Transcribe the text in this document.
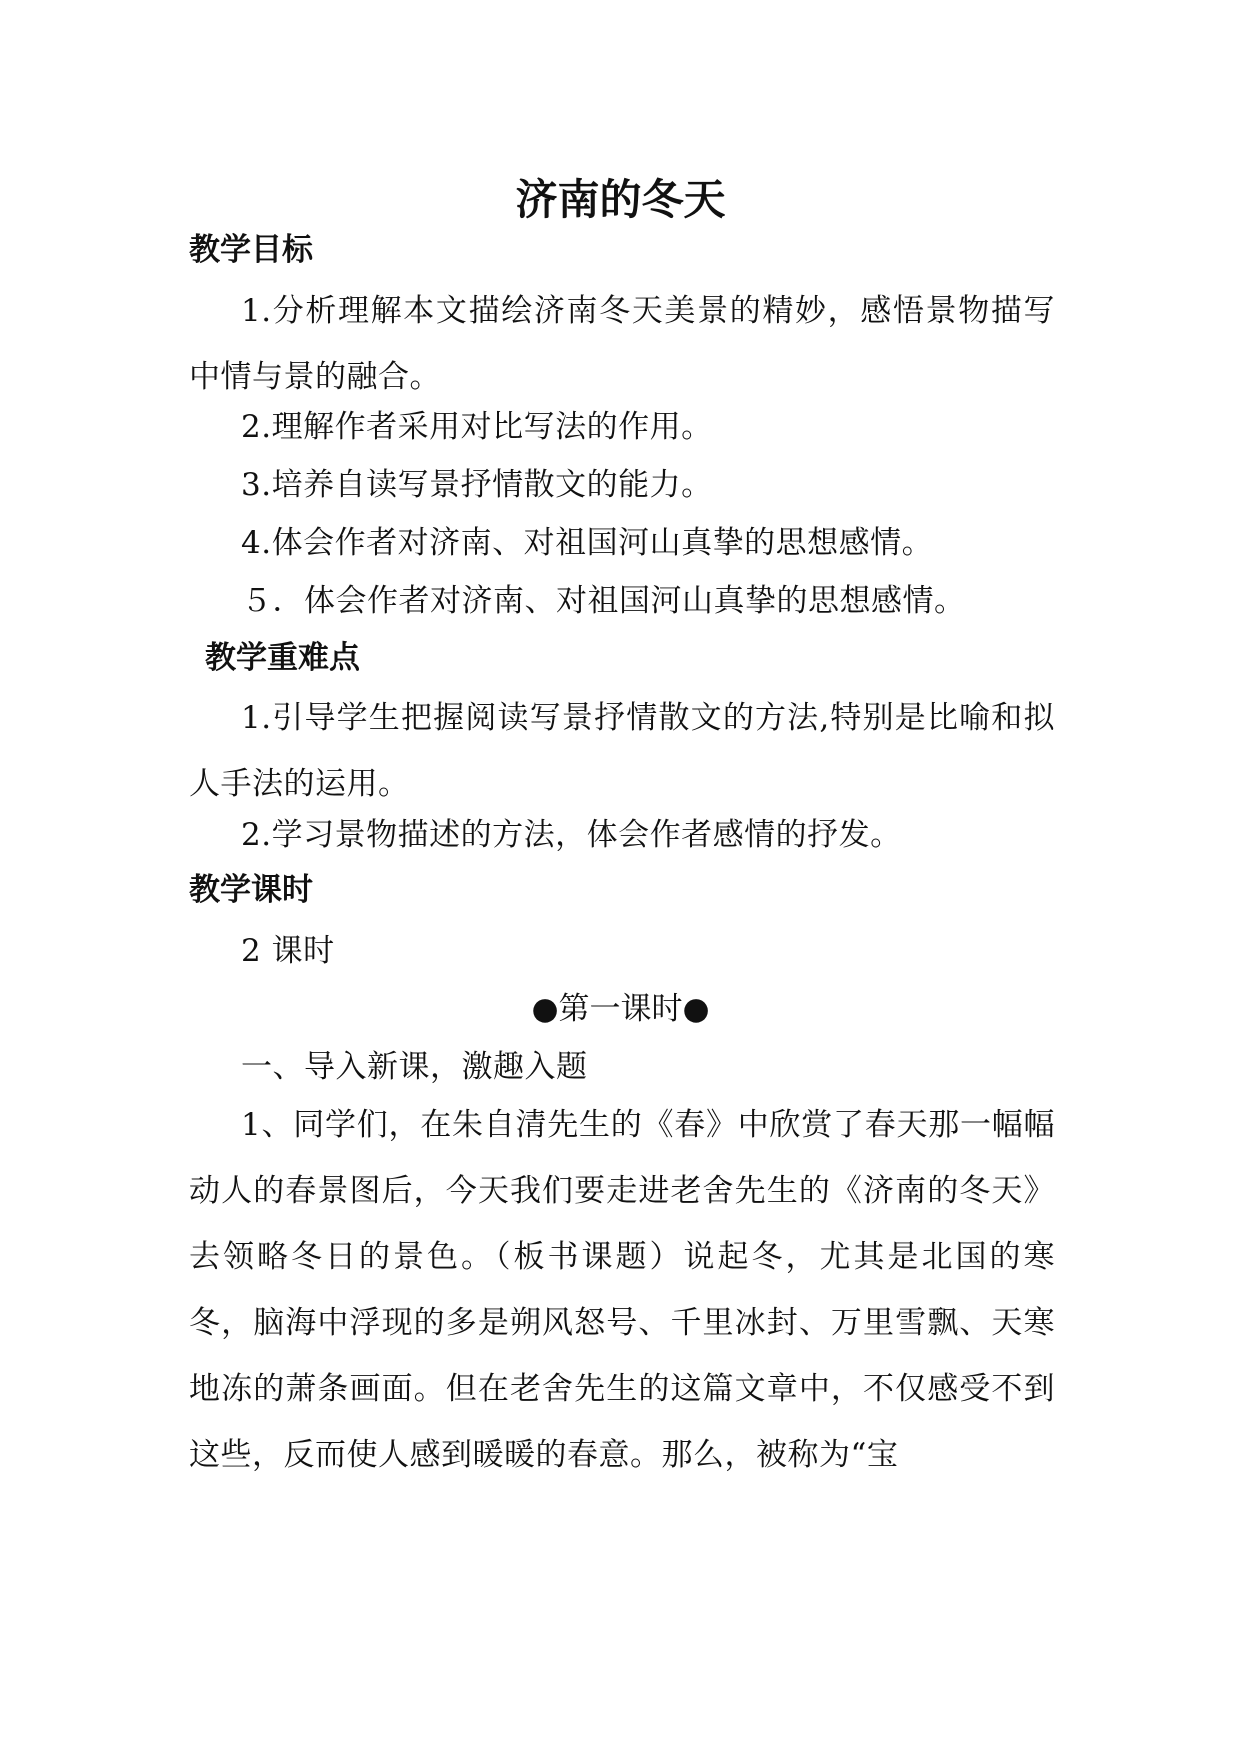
济南的冬天
教学目标

1.分析理解本文描绘济南冬天美景的精妙，感悟景物描写中情与景的融合。

2.理解作者采用对比写法的作用。

3.培养自读写景抒情散文的能力。

4.体会作者对济南、对祖国河山真挚的思想感情。

５．体会作者对济南、对祖国河山真挚的思想感情。

教学重难点

1.引导学生把握阅读写景抒情散文的方法,特别是比喻和拟人手法的运用。

2.学习景物描述的方法，体会作者感情的抒发。

教学课时

2 课时

●第一课时●

一、导入新课，激趣入题

1、同学们，在朱自清先生的《春》中欣赏了春天那一幅幅动人的春景图后，今天我们要走进老舍先生的《济南的冬天》去领略冬日的景色。（板书课题）说起冬，尤其是北国的寒冬，脑海中浮现的多是朔风怒号、千里冰封、万里雪飘、天寒地冻的萧条画面。但在老舍先生的这篇文章中，不仅感受不到这些，反而使人感到暖暖的春意。那么，被称为“宝
